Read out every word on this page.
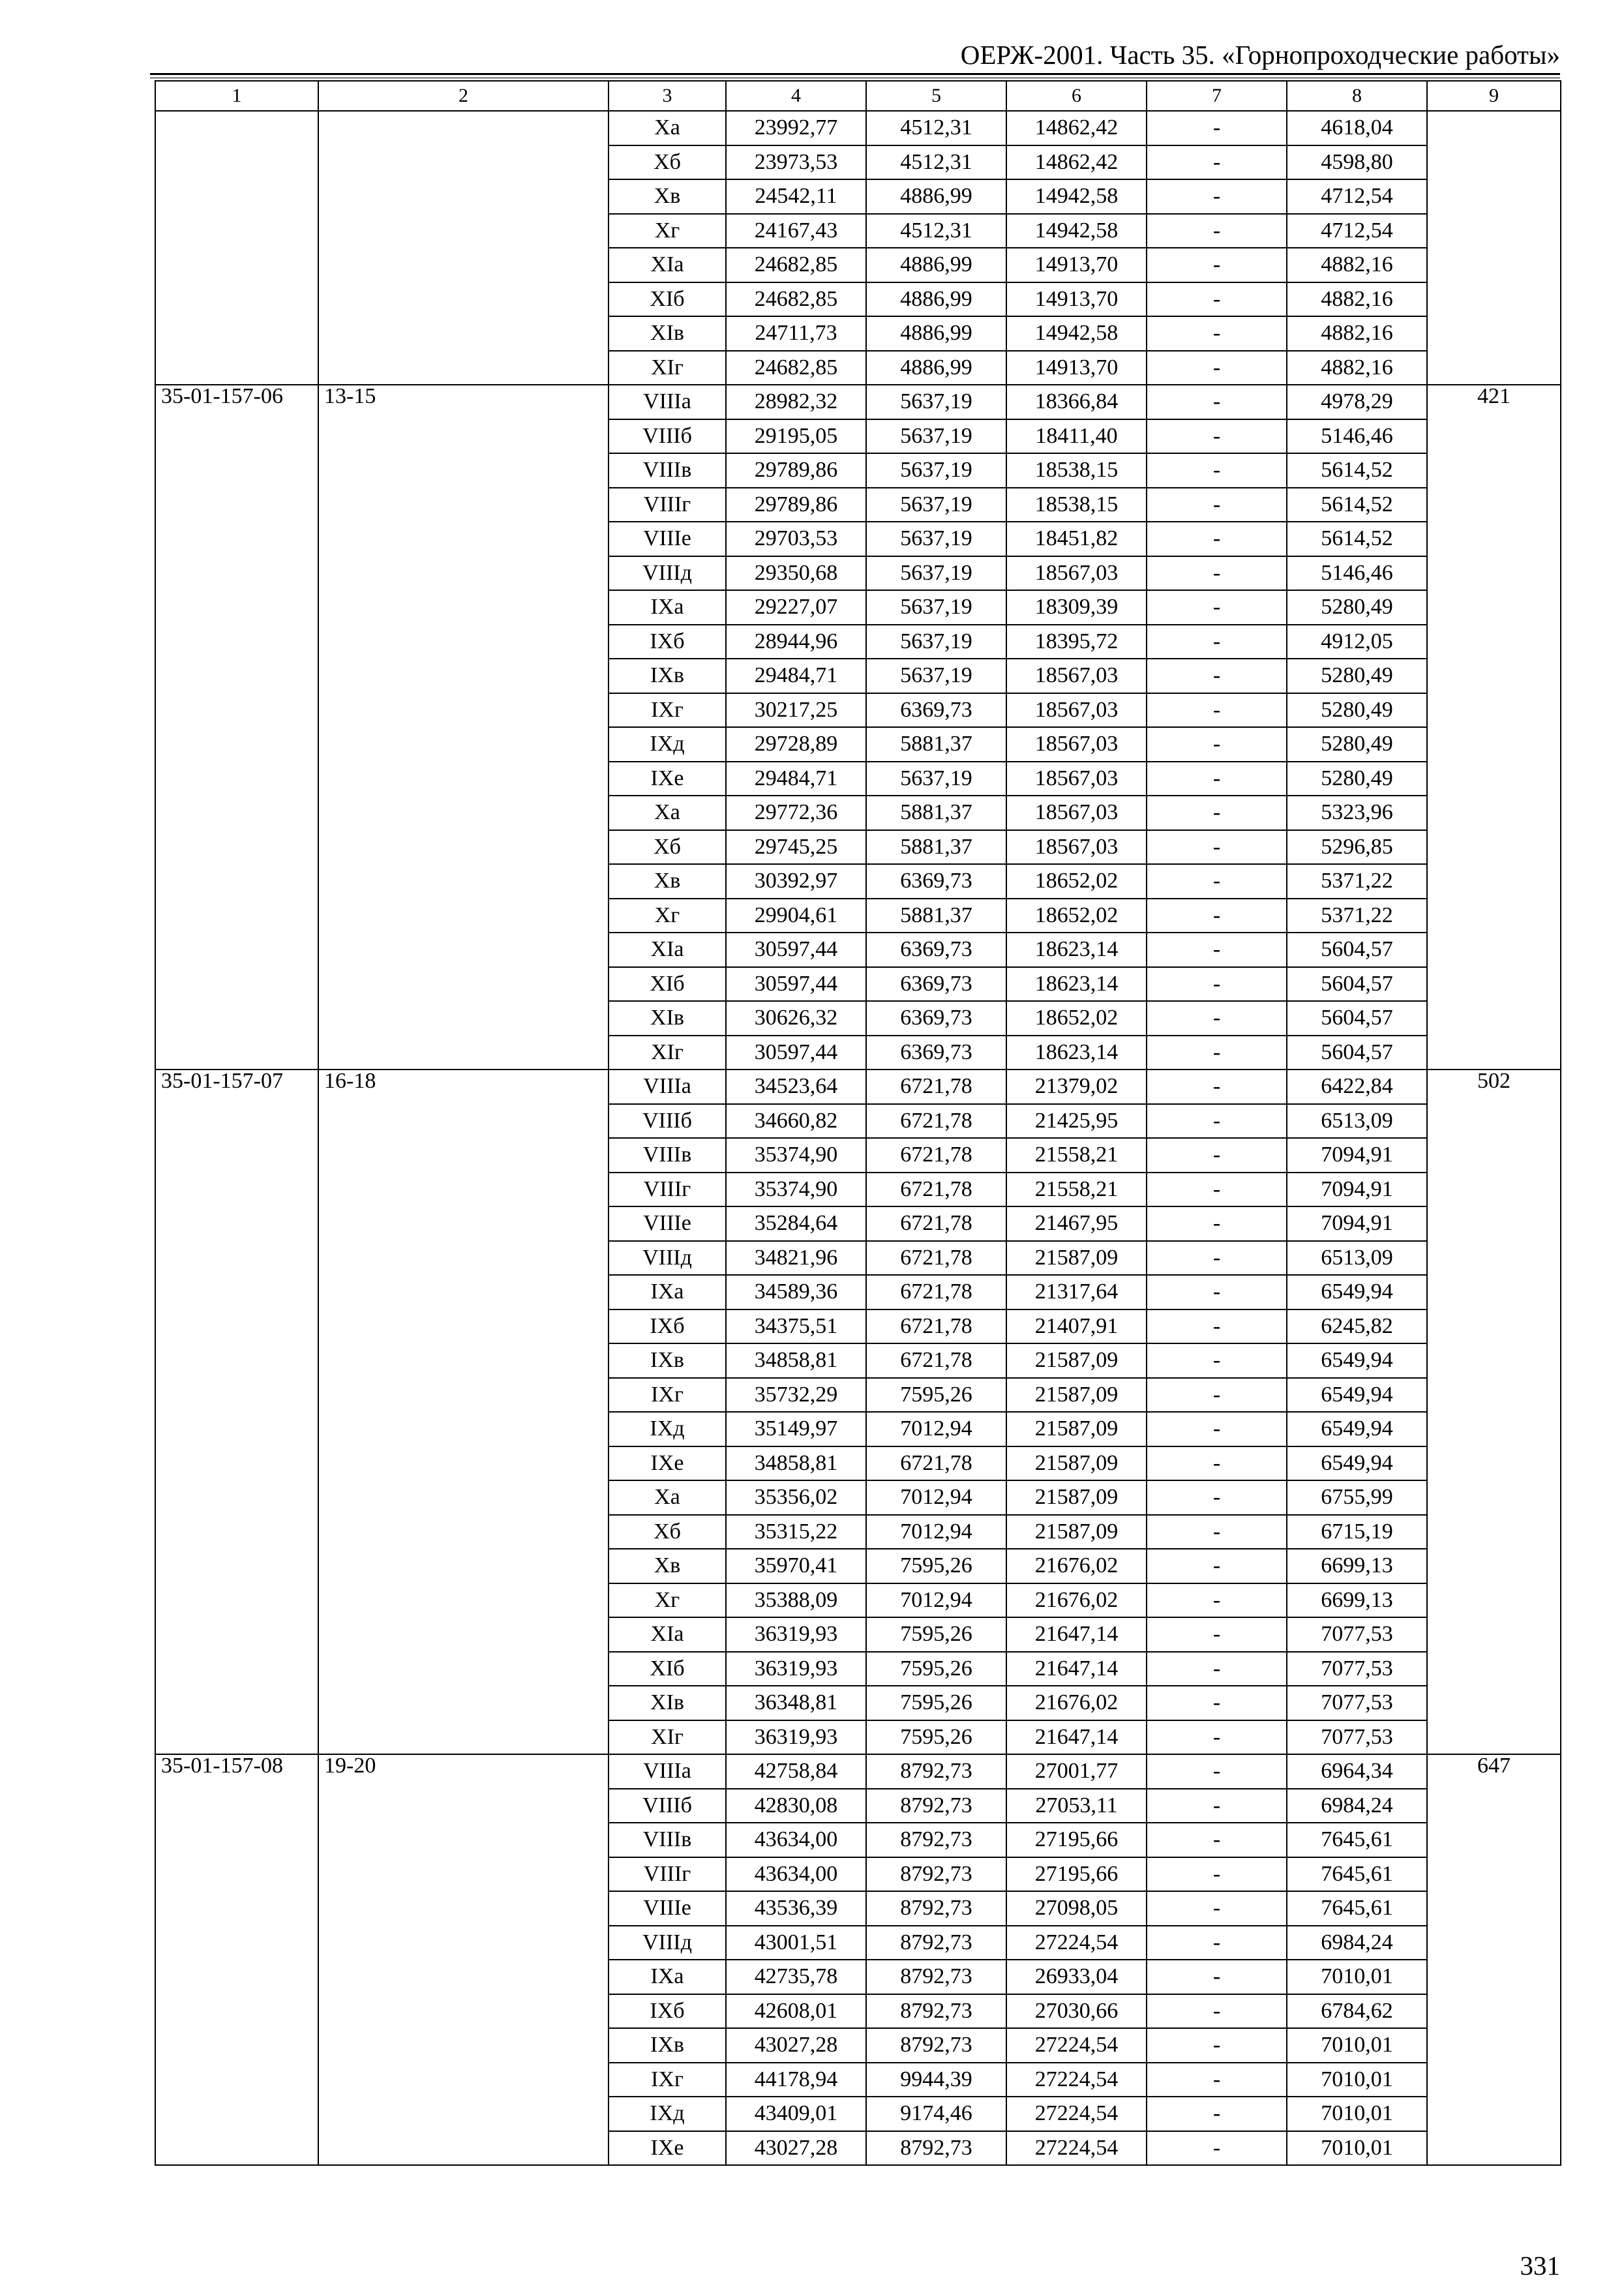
ОЕРЖ-2001. Часть 35. «Горнопроходческие работы»
1	2	3	4	5	6	7	8	9
		Ха	23992,77	4512,31	14862,42	-	4618,04	
		Хб	23973,53	4512,31	14862,42	-	4598,80	
		Хв	24542,11	4886,99	14942,58	-	4712,54	
		Хг	24167,43	4512,31	14942,58	-	4712,54	
		ХIа	24682,85	4886,99	14913,70	-	4882,16	
		ХIб	24682,85	4886,99	14913,70	-	4882,16	
		ХIв	24711,73	4886,99	14942,58	-	4882,16	
		ХIг	24682,85	4886,99	14913,70	-	4882,16	
35-01-157-06	13-15	VIIIа	28982,32	5637,19	18366,84	-	4978,29	421
		VIIIб	29195,05	5637,19	18411,40	-	5146,46	
		VIIIв	29789,86	5637,19	18538,15	-	5614,52	
		VIIIг	29789,86	5637,19	18538,15	-	5614,52	
		VIIIе	29703,53	5637,19	18451,82	-	5614,52	
		VIIIд	29350,68	5637,19	18567,03	-	5146,46	
		IХа	29227,07	5637,19	18309,39	-	5280,49	
		IХб	28944,96	5637,19	18395,72	-	4912,05	
		IХв	29484,71	5637,19	18567,03	-	5280,49	
		IХг	30217,25	6369,73	18567,03	-	5280,49	
		IХд	29728,89	5881,37	18567,03	-	5280,49	
		IХе	29484,71	5637,19	18567,03	-	5280,49	
		Ха	29772,36	5881,37	18567,03	-	5323,96	
		Хб	29745,25	5881,37	18567,03	-	5296,85	
		Хв	30392,97	6369,73	18652,02	-	5371,22	
		Хг	29904,61	5881,37	18652,02	-	5371,22	
		ХIа	30597,44	6369,73	18623,14	-	5604,57	
		ХIб	30597,44	6369,73	18623,14	-	5604,57	
		ХIв	30626,32	6369,73	18652,02	-	5604,57	
		ХIг	30597,44	6369,73	18623,14	-	5604,57	
35-01-157-07	16-18	VIIIа	34523,64	6721,78	21379,02	-	6422,84	502
		VIIIб	34660,82	6721,78	21425,95	-	6513,09	
		VIIIв	35374,90	6721,78	21558,21	-	7094,91	
		VIIIг	35374,90	6721,78	21558,21	-	7094,91	
		VIIIе	35284,64	6721,78	21467,95	-	7094,91	
		VIIIд	34821,96	6721,78	21587,09	-	6513,09	
		IХа	34589,36	6721,78	21317,64	-	6549,94	
		IХб	34375,51	6721,78	21407,91	-	6245,82	
		IХв	34858,81	6721,78	21587,09	-	6549,94	
		IХг	35732,29	7595,26	21587,09	-	6549,94	
		IХд	35149,97	7012,94	21587,09	-	6549,94	
		IХе	34858,81	6721,78	21587,09	-	6549,94	
		Ха	35356,02	7012,94	21587,09	-	6755,99	
		Хб	35315,22	7012,94	21587,09	-	6715,19	
		Хв	35970,41	7595,26	21676,02	-	6699,13	
		Хг	35388,09	7012,94	21676,02	-	6699,13	
		ХIа	36319,93	7595,26	21647,14	-	7077,53	
		ХIб	36319,93	7595,26	21647,14	-	7077,53	
		ХIв	36348,81	7595,26	21676,02	-	7077,53	
		ХIг	36319,93	7595,26	21647,14	-	7077,53	
35-01-157-08	19-20	VIIIа	42758,84	8792,73	27001,77	-	6964,34	647
		VIIIб	42830,08	8792,73	27053,11	-	6984,24	
		VIIIв	43634,00	8792,73	27195,66	-	7645,61	
		VIIIг	43634,00	8792,73	27195,66	-	7645,61	
		VIIIе	43536,39	8792,73	27098,05	-	7645,61	
		VIIIд	43001,51	8792,73	27224,54	-	6984,24	
		IХа	42735,78	8792,73	26933,04	-	7010,01	
		IХб	42608,01	8792,73	27030,66	-	6784,62	
		IХв	43027,28	8792,73	27224,54	-	7010,01	
		IХг	44178,94	9944,39	27224,54	-	7010,01	
		IХд	43409,01	9174,46	27224,54	-	7010,01	
		IХе	43027,28	8792,73	27224,54	-	7010,01	
331
